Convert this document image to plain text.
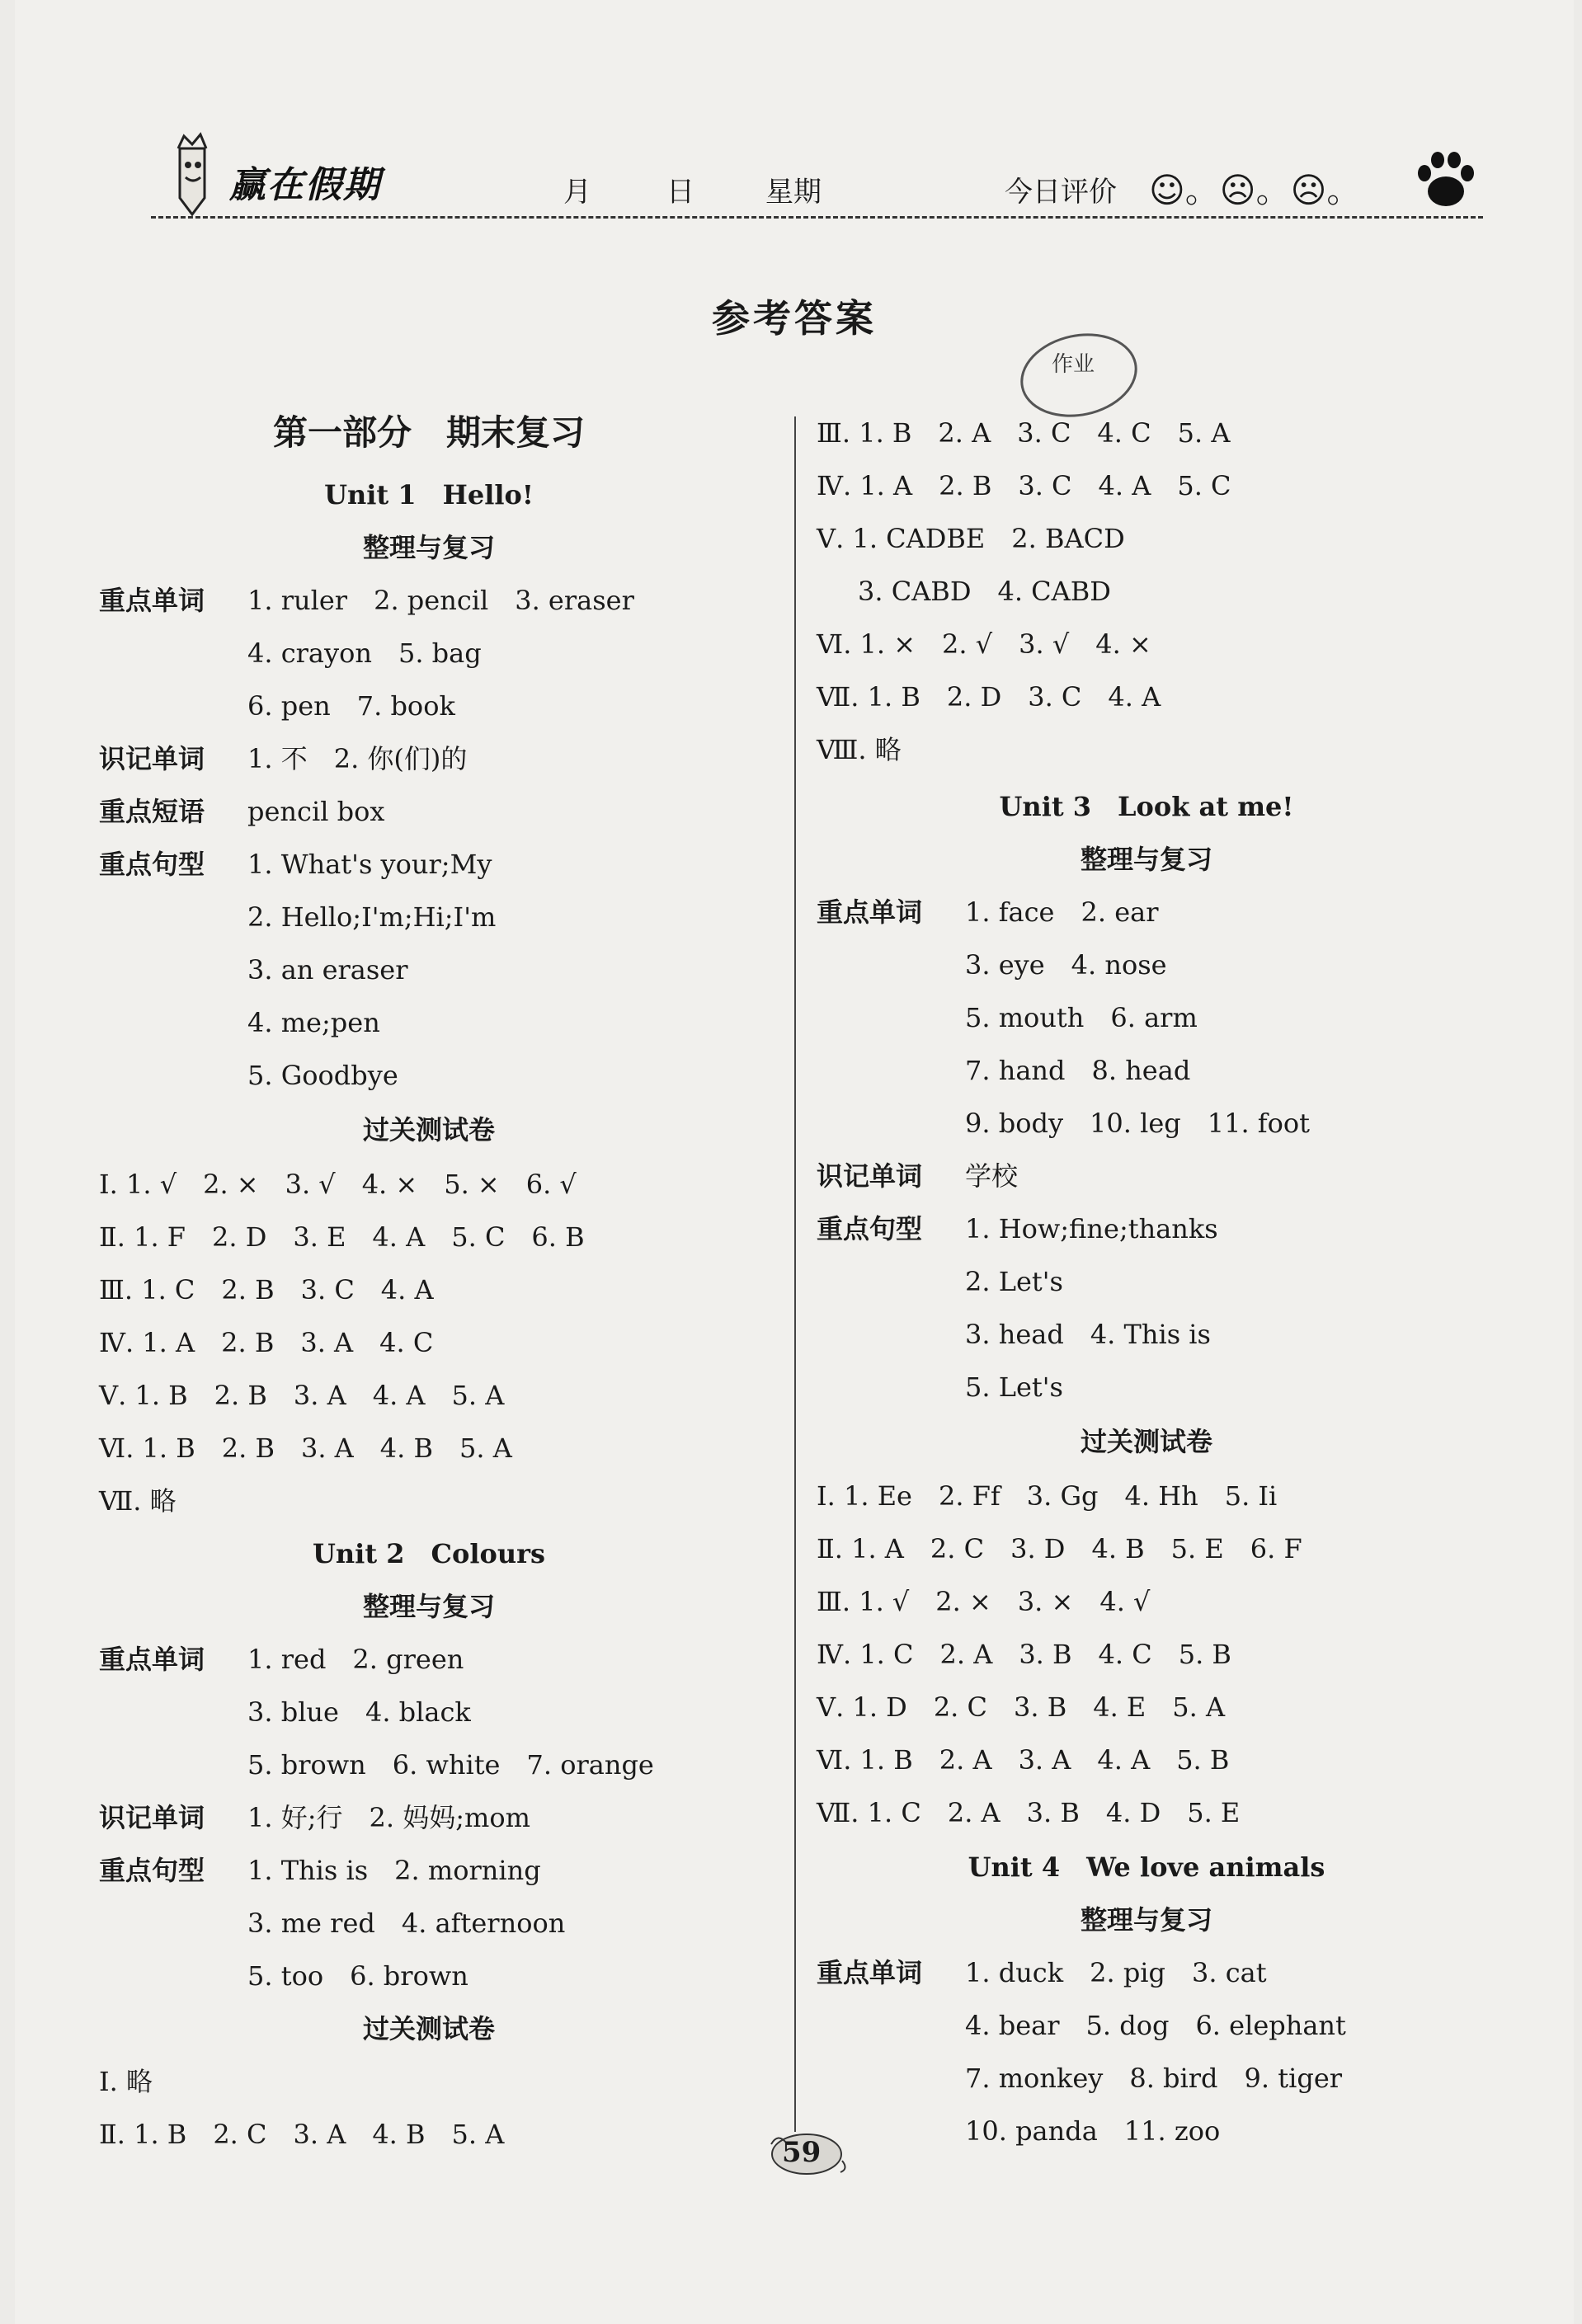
赢在假期	月	日	星期	今日评价 ☺。☹。☹。
参考答案
作业
第一部分　期末复习
Unit 1　Hello!
整理与复习
重点单词 1. ruler　2. pencil　3. eraser
4. crayon　5. bag
6. pen　7. book
识记单词 1. 不　2. 你(们)的
重点短语 pencil box
重点句型 1. What's your;My
2. Hello;I'm;Hi;I'm
3. an eraser
4. me;pen
5. Goodbye
过关测试卷
Ⅰ. 1. √　2. ×　3. √　4. ×　5. ×　6. √
Ⅱ. 1. F　2. D　3. E　4. A　5. C　6. B
Ⅲ. 1. C　2. B　3. C　4. A
Ⅳ. 1. A　2. B　3. A　4. C
Ⅴ. 1. B　2. B　3. A　4. A　5. A
Ⅵ. 1. B　2. B　3. A　4. B　5. A
Ⅶ. 略
Unit 2　Colours
整理与复习
重点单词 1. red　2. green
3. blue　4. black
5. brown　6. white　7. orange
识记单词 1. 好;行　2. 妈妈;mom
重点句型 1. This is　2. morning
3. me red　4. afternoon
5. too　6. brown
过关测试卷
Ⅰ. 略
Ⅱ. 1. B　2. C　3. A　4. B　5. A
Ⅲ. 1. B　2. A　3. C　4. C　5. A
Ⅳ. 1. A　2. B　3. C　4. A　5. C
Ⅴ. 1. CADBE　2. BACD
3. CABD　4. CABD
Ⅵ. 1. ×　2. √　3. √　4. ×
Ⅶ. 1. B　2. D　3. C　4. A
Ⅷ. 略
Unit 3　Look at me!
整理与复习
重点单词 1. face　2. ear
3. eye　4. nose
5. mouth　6. arm
7. hand　8. head
9. body　10. leg　11. foot
识记单词 学校
重点句型 1. How;fine;thanks
2. Let's
3. head　4. This is
5. Let's
过关测试卷
Ⅰ. 1. Ee　2. Ff　3. Gg　4. Hh　5. Ii
Ⅱ. 1. A　2. C　3. D　4. B　5. E　6. F
Ⅲ. 1. √　2. ×　3. ×　4. √
Ⅳ. 1. C　2. A　3. B　4. C　5. B
Ⅴ. 1. D　2. C　3. B　4. E　5. A
Ⅵ. 1. B　2. A　3. A　4. A　5. B
Ⅶ. 1. C　2. A　3. B　4. D　5. E
Unit 4　We love animals
整理与复习
重点单词 1. duck　2. pig　3. cat
4. bear　5. dog　6. elephant
7. monkey　8. bird　9. tiger
10. panda　11. zoo
59
